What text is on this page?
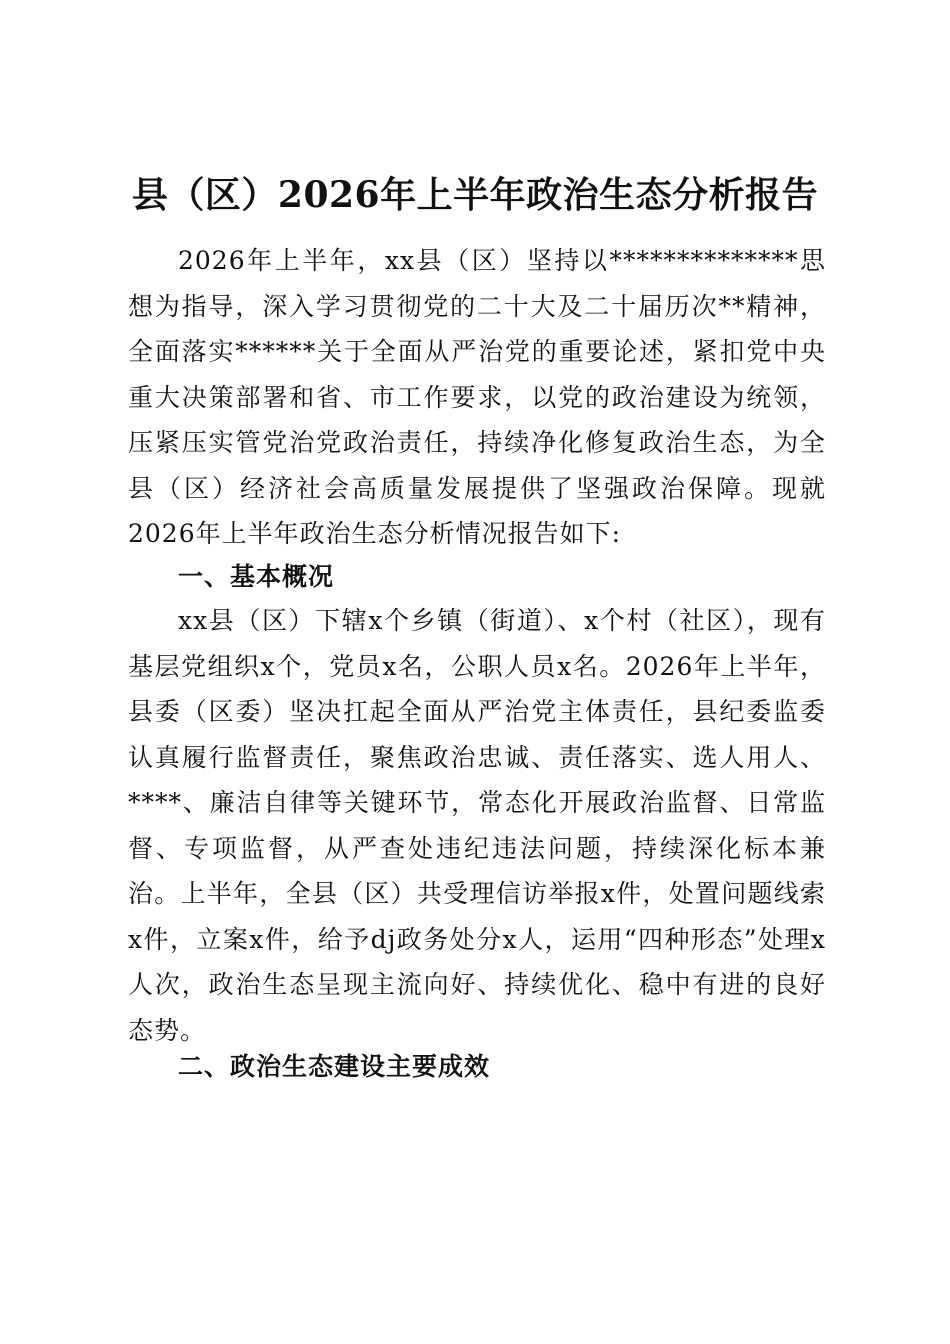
县（区）2026年上半年政治生态分析报告

2026年上半年，xx县（区）坚持以**************思想为指导，深入学习贯彻党的二十大及二十届历次**精神，全面落实******关于全面从严治党的重要论述，紧扣党中央重大决策部署和省、市工作要求，以党的政治建设为统领，压紧压实管党治党政治责任，持续净化修复政治生态，为全县（区）经济社会高质量发展提供了坚强政治保障。现就2026年上半年政治生态分析情况报告如下:

一、基本概况

xx县（区）下辖x个乡镇（街道）、x个村（社区），现有基层党组织x个，党员x名，公职人员x名。2026年上半年，县委（区委）坚决扛起全面从严治党主体责任，县纪委监委认真履行监督责任，聚焦政治忠诚、责任落实、选人用人、****、廉洁自律等关键环节，常态化开展政治监督、日常监督、专项监督，从严查处违纪违法问题，持续深化标本兼治。上半年，全县（区）共受理信访举报x件，处置问题线索x件，立案x件，给予dj政务处分x人，运用“四种形态”处理x人次，政治生态呈现主流向好、持续优化、稳中有进的良好态势。

二、政治生态建设主要成效
